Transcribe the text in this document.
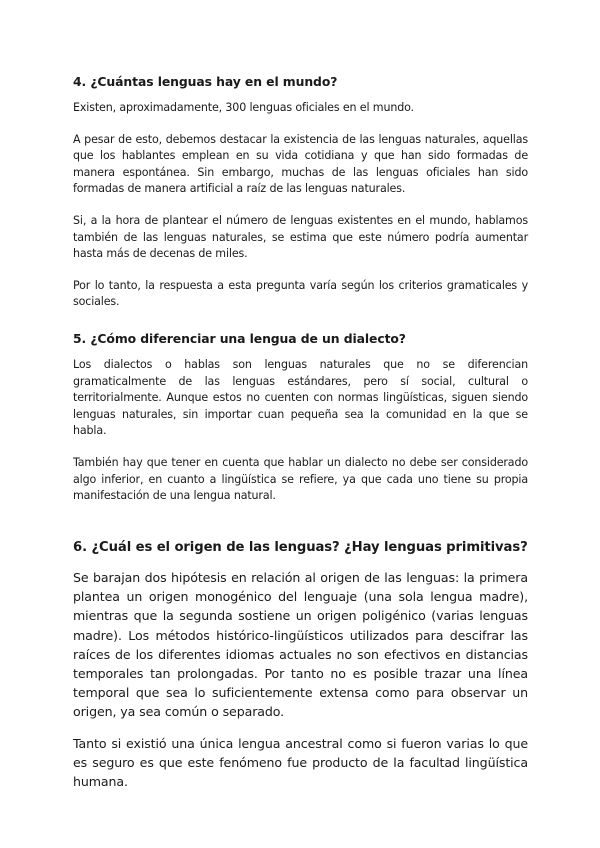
4. ¿Cuántas lenguas hay en el mundo?

Existen, aproximadamente, 300 lenguas oficiales en el mundo.

A pesar de esto, debemos destacar la existencia de las lenguas naturales, aquellas que los hablantes emplean en su vida cotidiana y que han sido formadas de manera espontánea. Sin embargo, muchas de las lenguas oficiales han sido formadas de manera artificial a raíz de las lenguas naturales.

Si, a la hora de plantear el número de lenguas existentes en el mundo, hablamos también de las lenguas naturales, se estima que este número podría aumentar hasta más de decenas de miles.

Por lo tanto, la respuesta a esta pregunta varía según los criterios gramaticales y sociales.

5. ¿Cómo diferenciar una lengua de un dialecto?

Los dialectos o hablas son lenguas naturales que no se diferencian gramaticalmente de las lenguas estándares, pero sí social, cultural o territorialmente. Aunque estos no cuenten con normas lingüísticas, siguen siendo lenguas naturales, sin importar cuan pequeña sea la comunidad en la que se habla.

También hay que tener en cuenta que hablar un dialecto no debe ser considerado algo inferior, en cuanto a lingüística se refiere, ya que cada uno tiene su propia manifestación de una lengua natural.

6. ¿Cuál es el origen de las lenguas? ¿Hay lenguas primitivas?

Se barajan dos hipótesis en relación al origen de las lenguas: la primera plantea un origen monogénico del lenguaje (una sola lengua madre), mientras que la segunda sostiene un origen poligénico (varias lenguas madre). Los métodos histórico-lingüísticos utilizados para descifrar las raíces de los diferentes idiomas actuales no son efectivos en distancias temporales tan prolongadas. Por tanto no es posible trazar una línea temporal que sea lo suficientemente extensa como para observar un origen, ya sea común o separado.

Tanto si existió una única lengua ancestral como si fueron varias lo que es seguro es que este fenómeno fue producto de la facultad lingüística humana.
